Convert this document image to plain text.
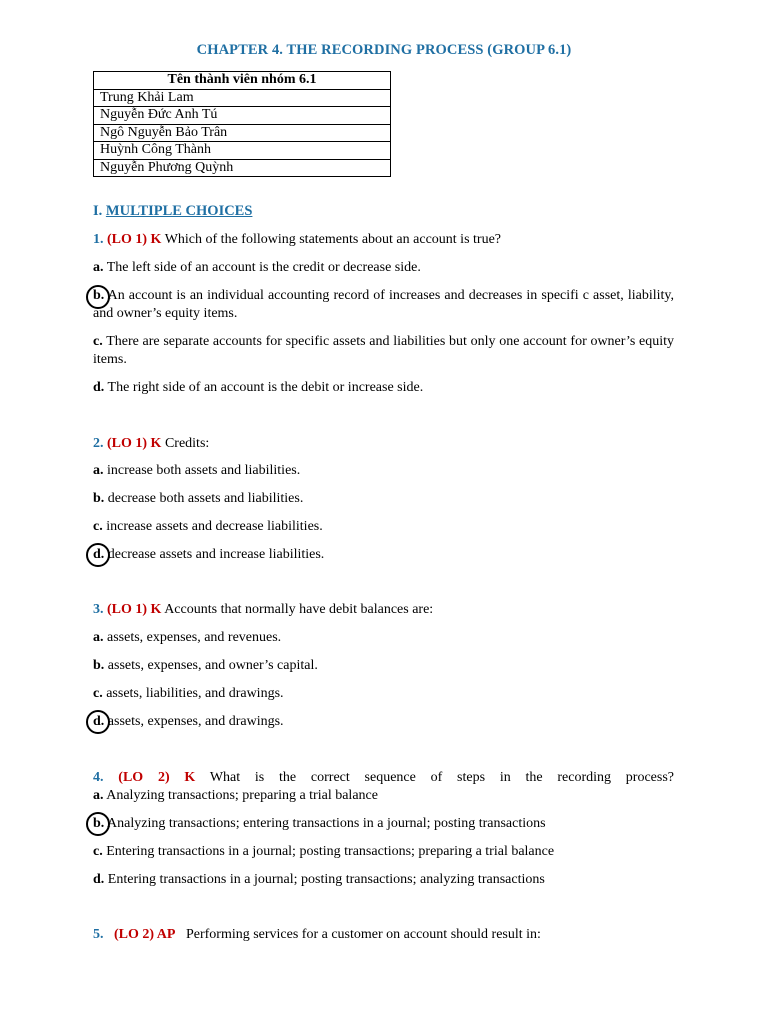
CHAPTER 4. THE RECORDING PROCESS (GROUP 6.1)
Tên thành viên nhóm 6.1
Trung Khải Lam
Nguyễn Đức Anh Tú
Ngô Nguyễn Bảo Trân
Huỳnh Công Thành
Nguyễn Phương Quỳnh
I. MULTIPLE CHOICES
1. (LO 1) K Which of the following statements about an account is true?
a. The left side of an account is the credit or decrease side.
b. An account is an individual accounting record of increases and decreases in specifi c asset, liability, and owner’s equity items.
c. There are separate accounts for specific assets and liabilities but only one account for owner’s equity items.
d. The right side of an account is the debit or increase side.
2. (LO 1) K Credits:
a. increase both assets and liabilities.
b. decrease both assets and liabilities.
c. increase assets and decrease liabilities.
d. decrease assets and increase liabilities.
3. (LO 1) K Accounts that normally have debit balances are:
a. assets, expenses, and revenues.
b. assets, expenses, and owner’s capital.
c. assets, liabilities, and drawings.
d. assets, expenses, and drawings.
4. (LO 2) K What is the correct sequence of steps in the recording process?
a. Analyzing transactions; preparing a trial balance
b. Analyzing transactions; entering transactions in a journal; posting transactions
c. Entering transactions in a journal; posting transactions; preparing a trial balance
d. Entering transactions in a journal; posting transactions; analyzing transactions
5. (LO 2) AP Performing services for a customer on account should result in:
